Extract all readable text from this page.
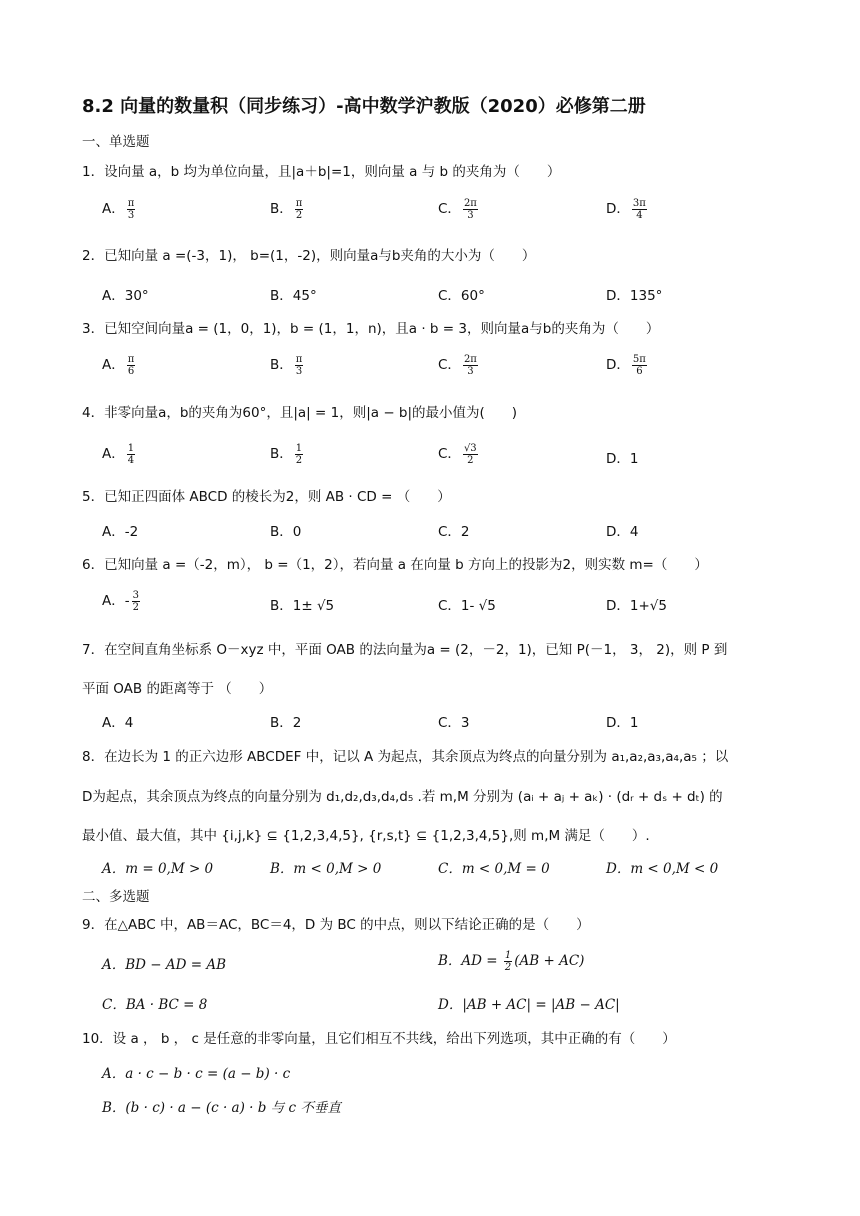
8.2 向量的数量积（同步练习）-高中数学沪教版（2020）必修第二册
一、单选题
1．设向量 a，b 均为单位向量，且|a＋b|=1，则向量 a 与 b 的夹角为（　　）
A． $\frac{\pi}{3}$	B． $\frac{\pi}{2}$	C． $\frac{2\pi}{3}$	D． $\frac{3\pi}{4}$
2．已知向量 a =(-3，1)， b=(1，-2)，则向量a与b夹角的大小为（　　）
A．30°	B．45°	C．60°	D．135°
3．已知空间向量a = (1，0，1)，b = (1，1，n)，且a · b = 3，则向量a与b的夹角为（　　）
A． $\frac{\pi}{6}$	B． $\frac{\pi}{3}$	C． $\frac{2\pi}{3}$	D． $\frac{5\pi}{6}$
4．非零向量a，b的夹角为60°，且|a| = 1，则|a − b|的最小值为(　　)
A． $\frac{1}{4}$	B． $\frac{1}{2}$	C． $\frac{√3}{2}$	D．1
5．已知正四面体 ABCD 的棱长为2，则 AB · CD = （　　）
A．-2	B．0	C．2	D．4
6．已知向量 a =（-2，m）， b =（1，2），若向量 a 在向量 b 方向上的投影为2，则实数 m=（　　）
A．- $\frac{3}{2}$	B．1± √5	C．1- √5	D．1+√5
7．在空间直角坐标系 O－xyz 中，平面 OAB 的法向量为a = (2，－2，1)，已知 P(－1， 3， 2)，则 P 到
平面 OAB 的距离等于 （　　）
A．4	B．2	C．3	D．1
8．在边长为 1 的正六边形 ABCDEF 中，记以 A 为起点，其余顶点为终点的向量分别为 a₁,a₂,a₃,a₄,a₅ ；以
D为起点，其余顶点为终点的向量分别为 d₁,d₂,d₃,d₄,d₅ .若 m,M 分别为 (aᵢ + aⱼ + aₖ) · (dᵣ + dₛ + dₜ) 的
最小值、最大值，其中 {i,j,k} ⊆ {1,2,3,4,5}, {r,s,t} ⊆ {1,2,3,4,5},则 m,M 满足（　　）.
A．m = 0,M > 0	B．m < 0,M > 0	C．m < 0,M = 0	D．m < 0,M < 0
二、多选题
9．在△ABC 中，AB＝AC，BC＝4，D 为 BC 的中点，则以下结论正确的是（　　）
A．BD − AD = AB	B．AD = $\frac{1}{2} (AB + AC)$
C．BA · BC = 8	D．|AB + AC| = |AB − AC|
10．设 a ， b ， c 是任意的非零向量，且它们相互不共线，给出下列选项，其中正确的有（　　）
A．a · c − b · c = (a − b) · c
B．(b · c) · a − (c · a) · b 与 c 不垂直
